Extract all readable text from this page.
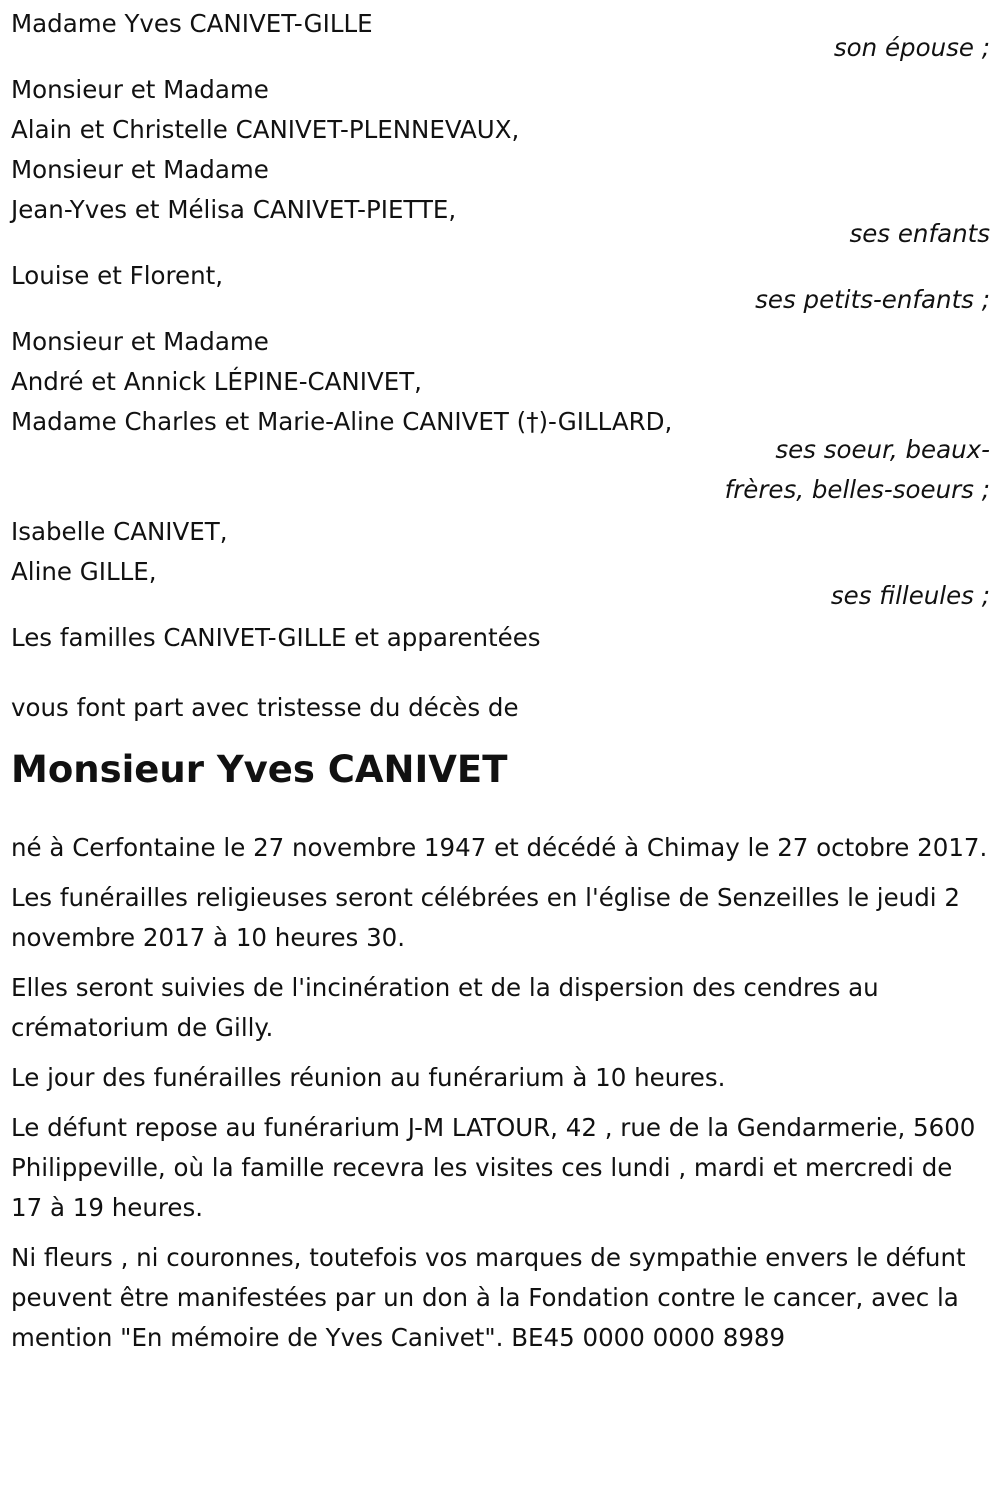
Madame Yves CANIVET-GILLE
son épouse ;
Monsieur et Madame
Alain et Christelle CANIVET-PLENNEVAUX,
Monsieur et Madame
Jean-Yves et Mélisa CANIVET-PIETTE,
ses enfants
Louise et Florent,
ses petits-enfants ;
Monsieur et Madame
André et Annick LÉPINE-CANIVET,
Madame Charles et Marie-Aline CANIVET (†)-GILLARD,
ses soeur, beaux-frères, belles-soeurs ;
Isabelle CANIVET,
Aline GILLE,
ses filleules ;
Les familles CANIVET-GILLE et apparentées
vous font part avec tristesse du décès de
Monsieur Yves CANIVET
né à Cerfontaine le 27 novembre 1947 et décédé à Chimay le 27 octobre 2017.
Les funérailles religieuses seront célébrées en l'église de Senzeilles le jeudi 2 novembre 2017 à 10 heures 30.
Elles seront suivies de l'incinération et de la dispersion des cendres au crématorium de Gilly.
Le jour des funérailles réunion au funérarium à 10 heures.
Le défunt repose au funérarium J-M LATOUR, 42 , rue de la Gendarmerie, 5600 Philippeville, où la famille recevra les visites ces lundi , mardi et mercredi de 17 à 19 heures.
Ni fleurs , ni couronnes, toutefois vos marques de sympathie envers le défunt peuvent être manifestées par un don à la Fondation contre le cancer, avec la mention "En mémoire de Yves Canivet". BE45 0000 0000 8989
